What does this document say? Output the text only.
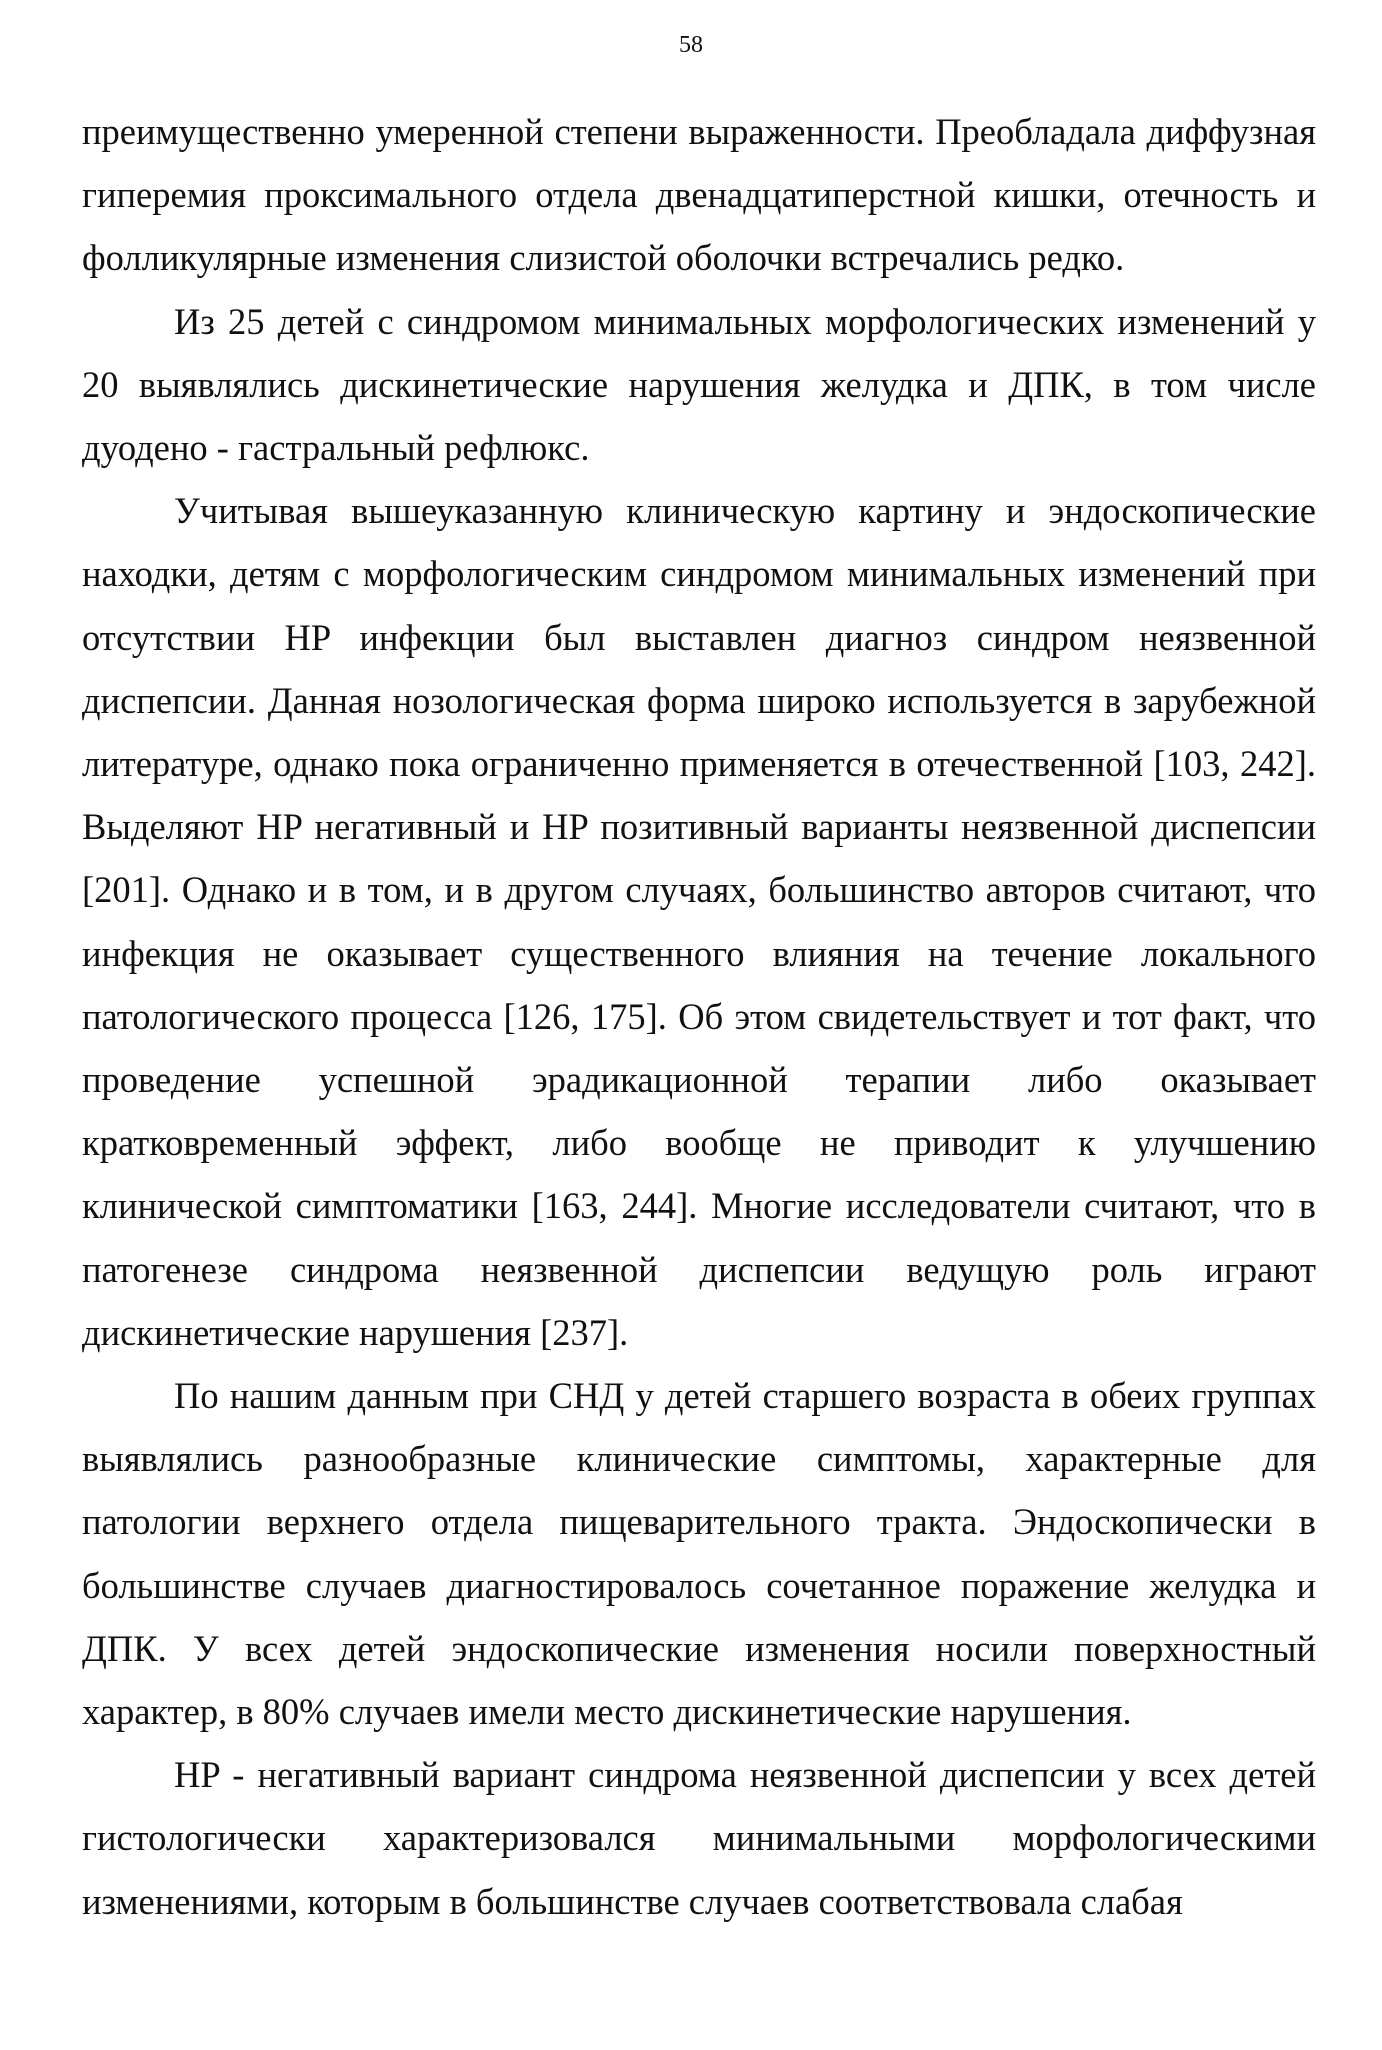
58

преимущественно умеренной степени выраженности. Преобладала диффузная гиперемия проксимального отдела двенадцатиперстной кишки, отечность и фолликулярные изменения слизистой оболочки встречались редко.

Из 25 детей с синдромом минимальных морфологических изменений у 20 выявлялись дискинетические нарушения желудка и ДПК, в том числе дуодено - гастральный рефлюкс.

Учитывая вышеуказанную клиническую картину и эндоскопические находки, детям с морфологическим синдромом минимальных изменений при отсутствии HP инфекции был выставлен диагноз синдром неязвенной диспепсии. Данная нозологическая форма широко используется в зарубежной литературе, однако пока ограниченно применяется в отечественной [103, 242]. Выделяют HP негативный и HP позитивный варианты неязвенной диспепсии [201]. Однако и в том, и в другом случаях, большинство авторов считают, что инфекция не оказывает существенного влияния на течение локального патологического процесса [126, 175]. Об этом свидетельствует и тот факт, что проведение успешной эрадикационной терапии либо оказывает кратковременный эффект, либо вообще не приводит к улучшению клинической симптоматики [163, 244]. Многие исследователи считают, что в патогенезе синдрома неязвенной диспепсии ведущую роль играют дискинетические нарушения [237].

По нашим данным при СНД у детей старшего возраста в обеих группах выявлялись разнообразные клинические симптомы, характерные для патологии верхнего отдела пищеварительного тракта. Эндоскопически в большинстве случаев диагностировалось сочетанное поражение желудка и ДПК. У всех детей эндоскопические изменения носили поверхностный характер, в 80% случаев имели место дискинетические нарушения.

HP - негативный вариант синдрома неязвенной диспепсии у всех детей гистологически характеризовался минимальными морфологическими изменениями, которым в большинстве случаев соответствовала слабая
